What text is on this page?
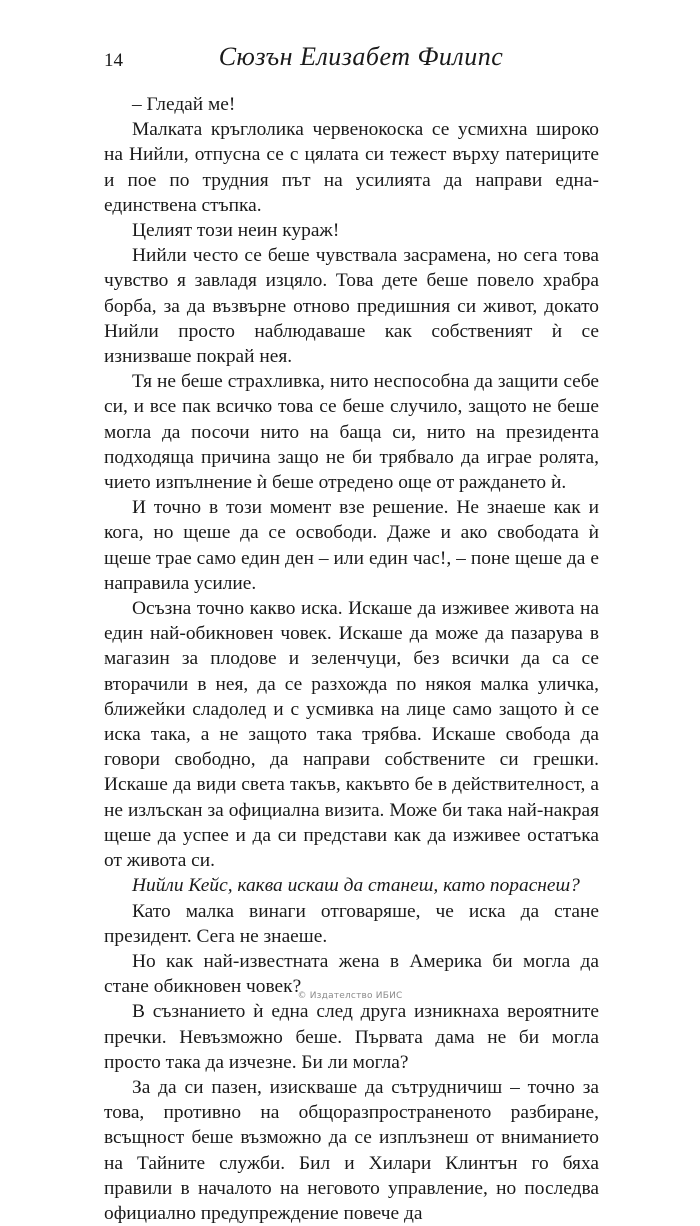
14	Сюзън Елизабет Филипс

– Гледай ме!

Малката кръглолика червенокоска се усмихна широко на Нийли, отпусна се с цялата си тежест върху патериците и пое по трудния път на усилията да направи една-единствена стъпка.

Целият този неин кураж!

Нийли често се беше чувствала засрамена, но сега това чувство я завладя изцяло. Това дете беше повело храбра борба, за да възвърне отново предишния си живот, докато Нийли просто наблюдаваше как собственият ѝ се изнизваше покрай нея.

Тя не беше страхливка, нито неспособна да защити себе си, и все пак всичко това се беше случило, защото не беше могла да посочи нито на баща си, нито на президента подходяща причина защо не би трябвало да играе ролята, чието изпълнение ѝ беше отредено още от раждането ѝ.

И точно в този момент взе решение. Не знаеше как и кога, но щеше да се освободи. Даже и ако свободата ѝ щеше трае само един ден – или един час!, – поне щеше да е направила усилие.

Осъзна точно какво иска. Искаше да изживее живота на един най-обикновен човек. Искаше да може да пазарува в магазин за плодове и зеленчуци, без всички да са се вторачили в нея, да се разхожда по някоя малка уличка, ближейки сладолед и с усмивка на лице само защото ѝ се иска така, а не защото така трябва. Искаше свобода да говори свободно, да направи собствените си грешки. Искаше да види света такъв, какъвто бе в действителност, а не излъскан за официална визита. Може би така най-накрая щеше да успее и да си представи как да изживее остатъка от живота си.

Нийли Кейс, каква искаш да станеш, като пораснеш?

Като малка винаги отговаряше, че иска да стане президент. Сега не знаеше.

Но как най-известната жена в Америка би могла да стане обикновен човек?

В съзнанието ѝ една след друга изникнаха вероятните пречки. Невъзможно беше. Първата дама не би могла просто така да изчезне. Би ли могла?

За да си пазен, изискваше да сътрудничиш – точно за това, противно на общоразпространеното разбиране, всъщност беше възможно да се изплъзнеш от вниманието на Тайните служби. Бил и Хилари Клинтън го бяха правили в началото на неговото управление, но последва официално предупреждение повече да

© Издателство ИБИС
